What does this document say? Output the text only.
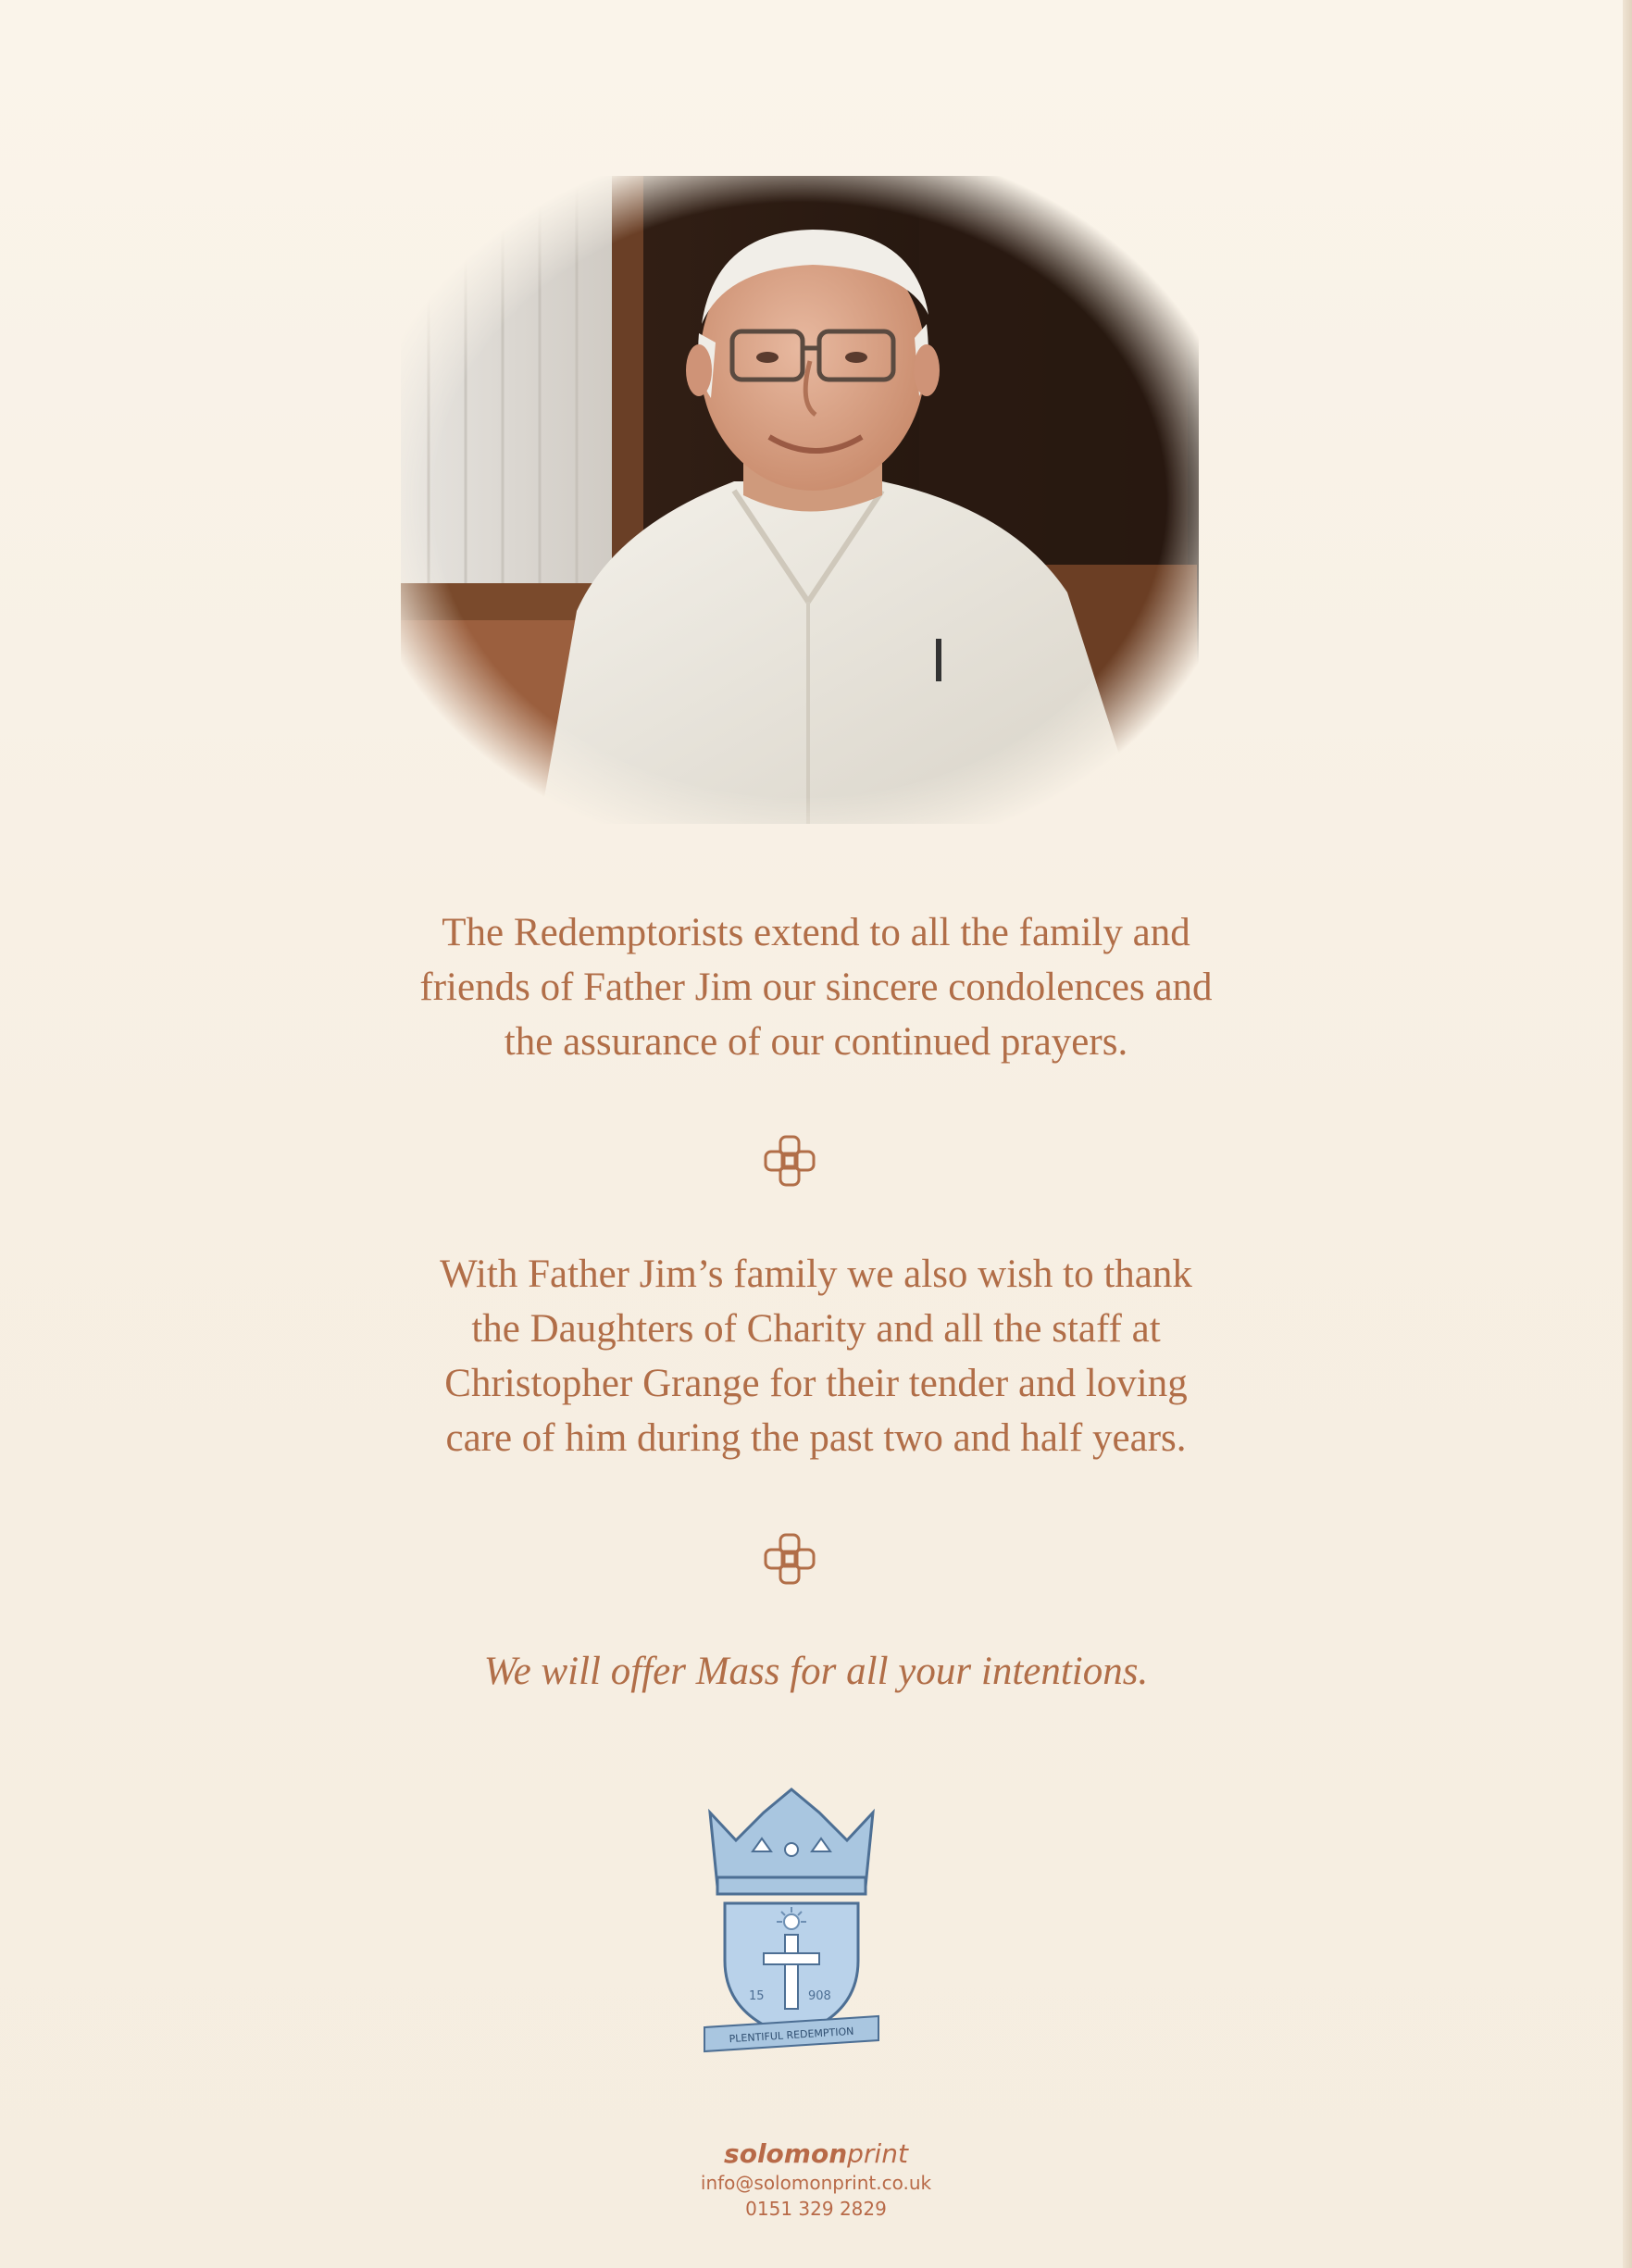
The Redemptorists extend to all the family and
friends of Father Jim our sincere condolences and
the assurance of our continued prayers.
With Father Jim’s family we also wish to thank
the Daughters of Charity and all the staff at
Christopher Grange for their tender and loving
care of him during the past two and half years.
We will offer Mass for all your intentions.
15	908
PLENTIFUL REDEMPTION
solomonprint
info@solomonprint.co.uk
0151 329 2829
